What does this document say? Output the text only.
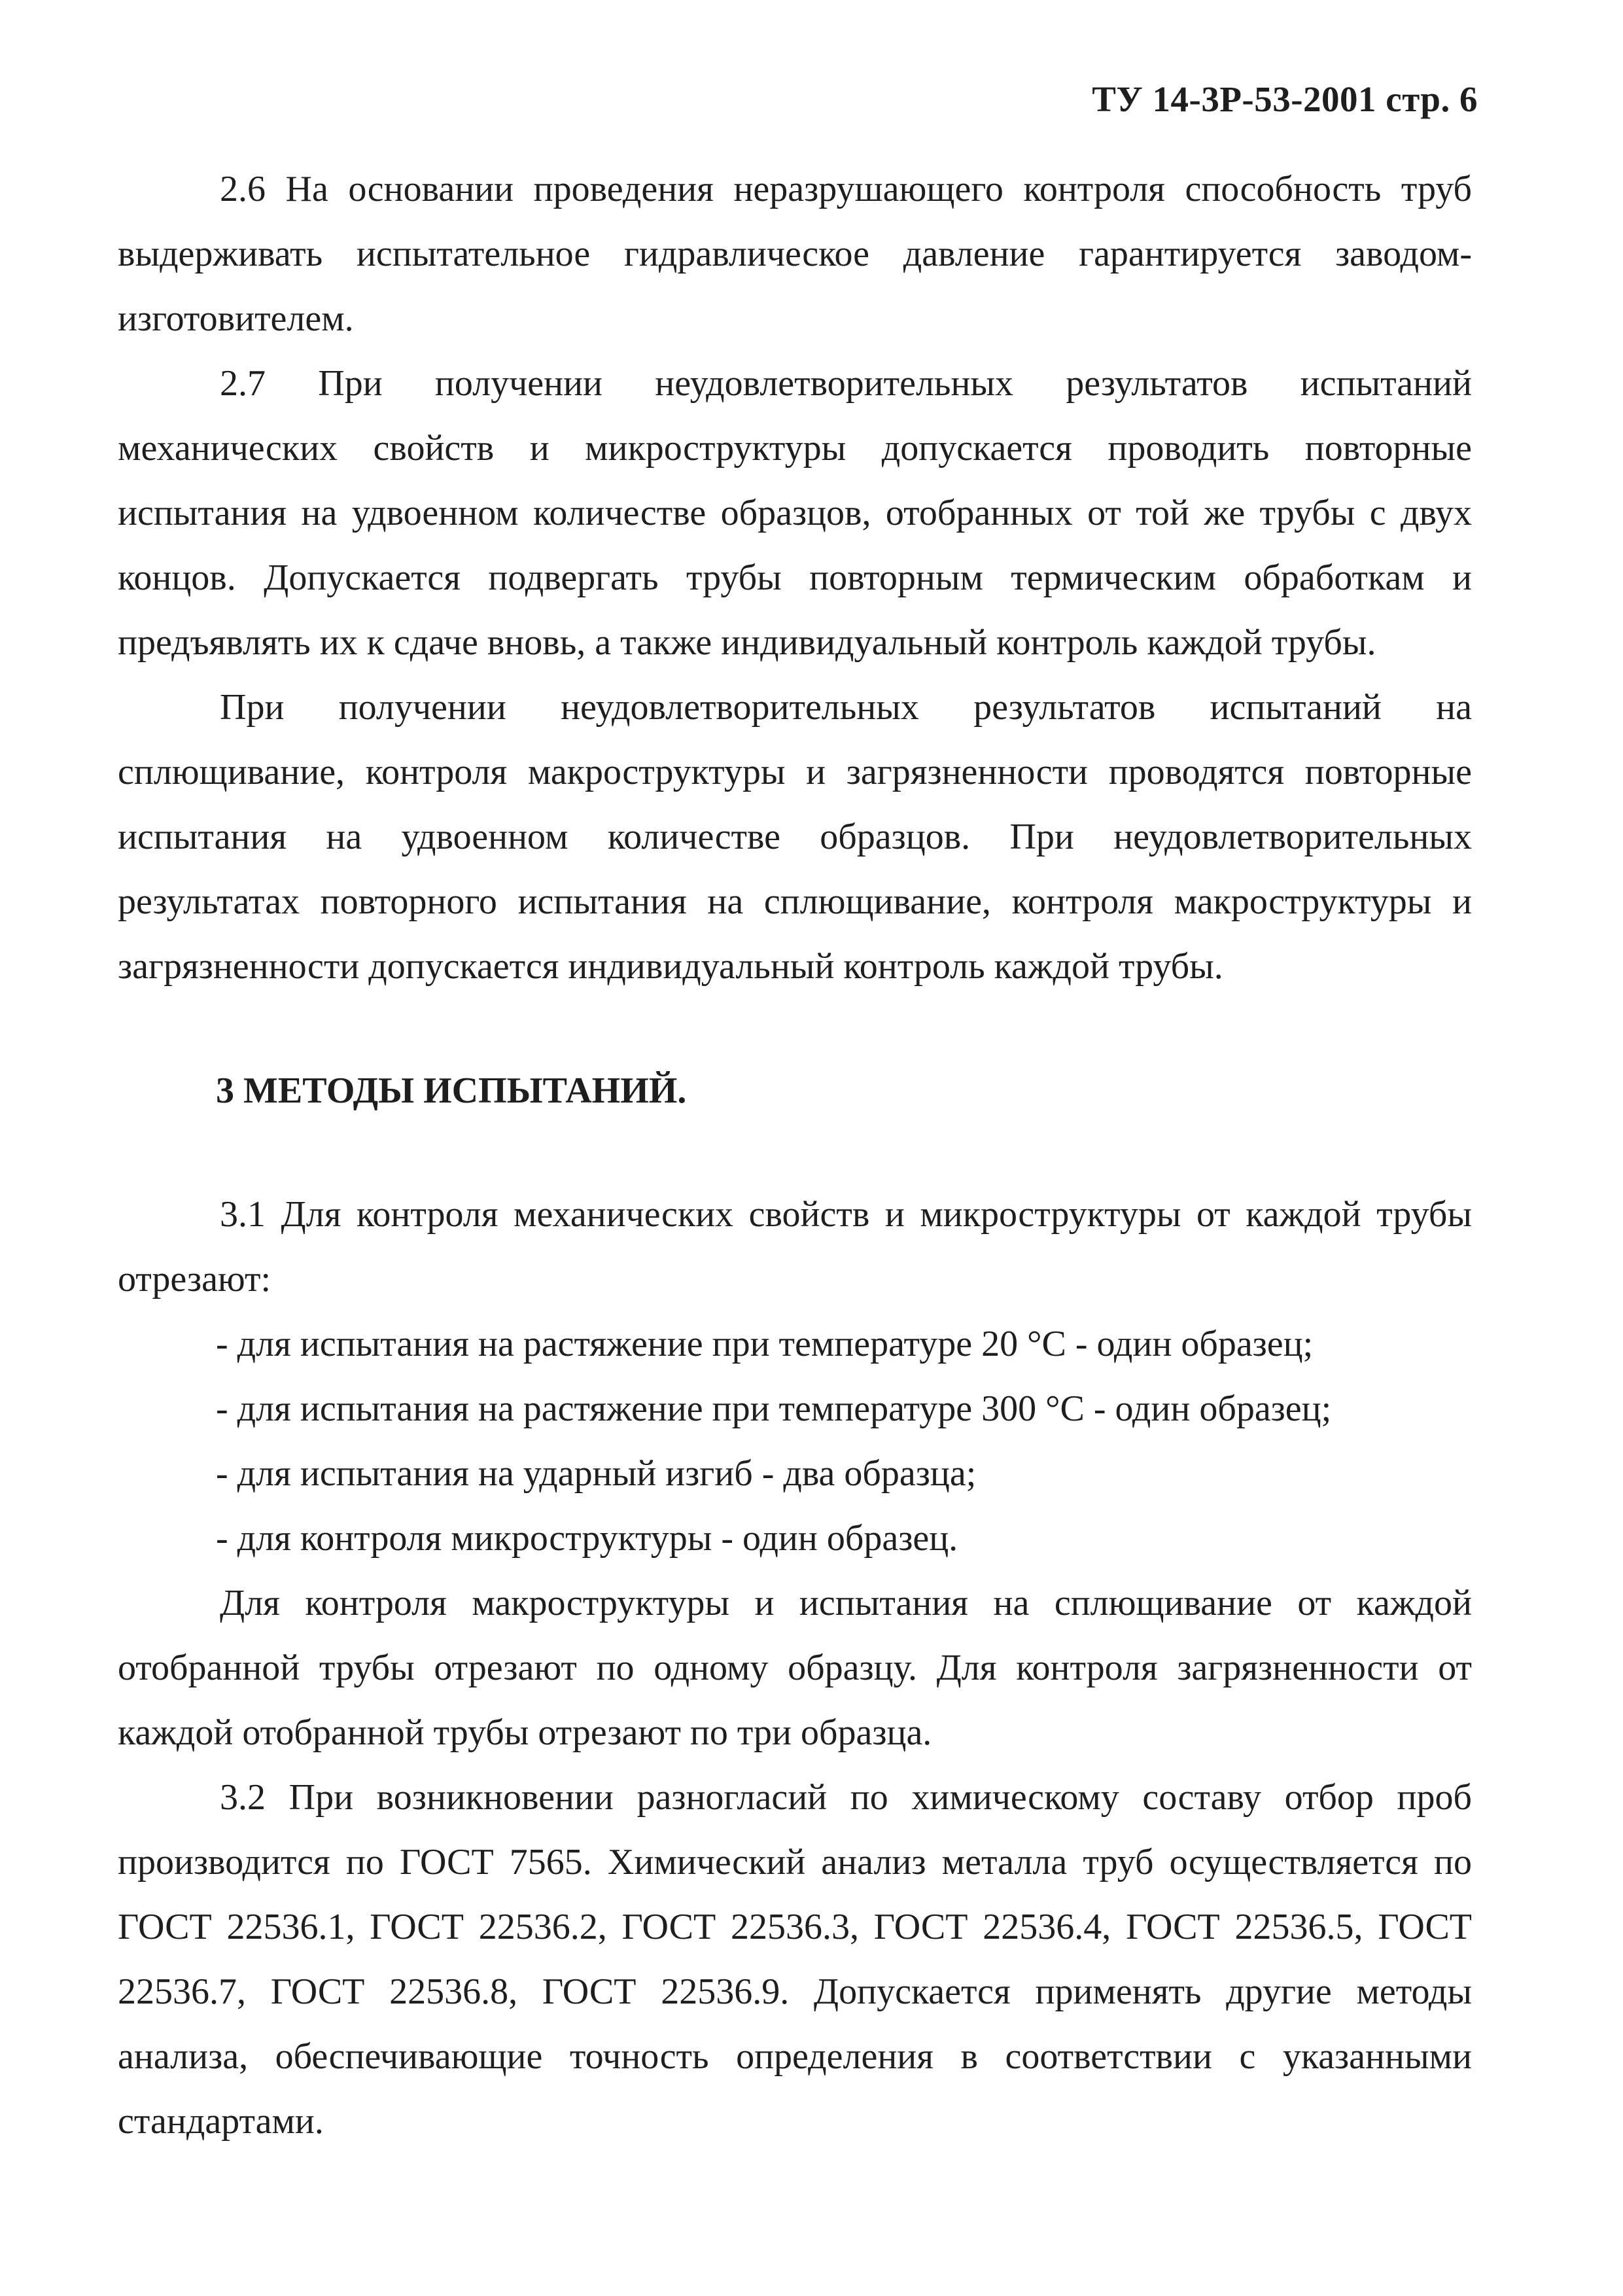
ТУ 14-3Р-53-2001 стр. 6

2.6 На основании проведения неразрушающего контроля способность труб выдерживать испытательное гидравлическое давление гарантируется заводом-изготовителем.

2.7 При получении неудовлетворительных результатов испытаний механических свойств и микроструктуры допускается проводить повторные испытания на удвоенном количестве образцов, отобранных от той же трубы с двух концов. Допускается подвергать трубы повторным термическим обработкам и предъявлять их к сдаче вновь, а также индивидуальный контроль каждой трубы.

При получении неудовлетворительных результатов испытаний на сплющивание, контроля макроструктуры и загрязненности проводятся повторные испытания на удвоенном количестве образцов. При неудовлетворительных результатах повторного испытания на сплющивание, контроля макроструктуры и загрязненности допускается индивидуальный контроль каждой трубы.

3 МЕТОДЫ ИСПЫТАНИЙ.

3.1 Для контроля механических свойств и микроструктуры от каждой трубы отрезают:

- для испытания на растяжение при температуре 20 °С - один образец;

- для испытания на растяжение при температуре 300 °С - один образец;

- для испытания на ударный изгиб - два образца;

- для контроля микроструктуры - один образец.

Для контроля макроструктуры и испытания на сплющивание от каждой отобранной трубы отрезают по одному образцу. Для контроля загрязненности от каждой отобранной трубы отрезают по три образца.

3.2 При возникновении разногласий по химическому составу отбор проб производится по ГОСТ 7565. Химический анализ металла труб осуществляется по ГОСТ 22536.1, ГОСТ 22536.2, ГОСТ 22536.3, ГОСТ 22536.4, ГОСТ 22536.5, ГОСТ 22536.7, ГОСТ 22536.8, ГОСТ 22536.9. Допускается применять другие методы анализа, обеспечивающие точность определения в соответствии с указанными стандартами.
